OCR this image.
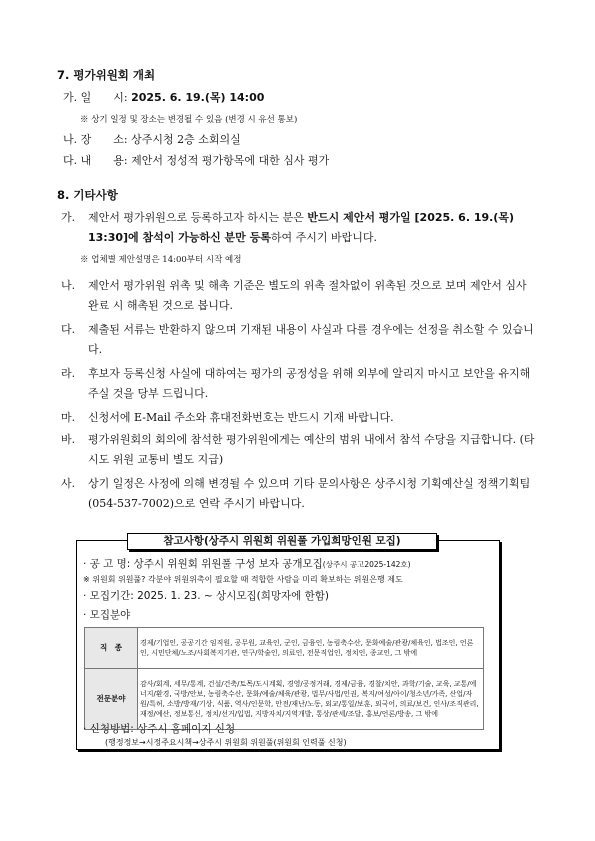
7. 평가위원회 개최
가. 일　　시: 2025. 6. 19.(목) 14:00
※ 상기 일정 및 장소는 변경될 수 있음 (변경 시 유선 통보)
나. 장　　소: 상주시청 2층 소회의실
다. 내　　용: 제안서 정성적 평가항목에 대한 심사 평가
8. 기타사항
가. 제안서 평가위원으로 등록하고자 하시는 분은 반드시 제안서 평가일 [2025. 6. 19.(목) 13:30]에 참석이 가능하신 분만 등록하여 주시기 바랍니다.
※ 업체별 제안설명은 14:00부터 시작 예정
나. 제안서 평가위원 위촉 및 해촉 기준은 별도의 위촉 절차없이 위촉된 것으로 보며 제안서 심사 완료 시 해촉된 것으로 봅니다.
다. 제출된 서류는 반환하지 않으며 기재된 내용이 사실과 다를 경우에는 선정을 취소할 수 있습니다.
라. 후보자 등록신청 사실에 대하여는 평가의 공정성을 위해 외부에 알리지 마시고 보안을 유지해 주실 것을 당부 드립니다.
마. 신청서에 E-Mail 주소와 휴대전화번호는 반드시 기재 바랍니다.
바. 평가위원회의 회의에 참석한 평가위원에게는 예산의 범위 내에서 참석 수당을 지급합니다. (타 시도 위원 교통비 별도 지급)
사. 상기 일정은 사정에 의해 변경될 수 있으며 기타 문의사항은 상주시청 기획예산실 정책기획팀(054-537-7002)으로 연락 주시기 바랍니다.
· 공 고 명: 상주시 위원회 위원풀 구성 보자 공개모집(상주시 공고2025-142호)
※ 위원회 위원풀? 각분야 위원위촉이 필요할 때 적합한 사람을 미리 확보하는 위원은행 제도
· 모집기간: 2025. 1. 23. ~ 상시모집(희망자에 한함)
· 모집분야
직　종	경제/기업인, 공공기간 임직원, 공무원, 교육인, 군인, 금융인, 농림축수산, 문화예술/관광/체육인, 법조인, 언론인, 시민단체/노조/사회복지기관, 연구/학술인, 의료인, 전문직업인, 정치인, 종교인, 그 밖에
전문분야	감사/회계, 세무/통계, 건설/건축/토목/도시계획, 경영/공정거래, 경제/금융, 경찰/치안, 과학/기술, 교육, 교통/에너지/환경, 국방/안보, 농림축수산, 문화/예술/체육/관광, 법무/사법/인권, 복지/여성/아이/청소년/가족, 산업/자원/특허, 소방/방재/기상, 식품, 역사/인문학, 안전/재난/노동, 외교/통일/보훈, 외국어, 의료/보건, 인사/조직관리, 재정/예산, 정보통신, 정치/선거/입법, 지방자치/지역개발, 통상/관세/조달, 홍보/언론/방송, 그 밖에
· 신청방법: 상주시 홈페이지 신청
(행정정보→시정주요시책→상주시 위원회 위원풀(위원회 인력풀 신청)
참고사항(상주시 위원회 위원풀 가입희망인원 모집)
